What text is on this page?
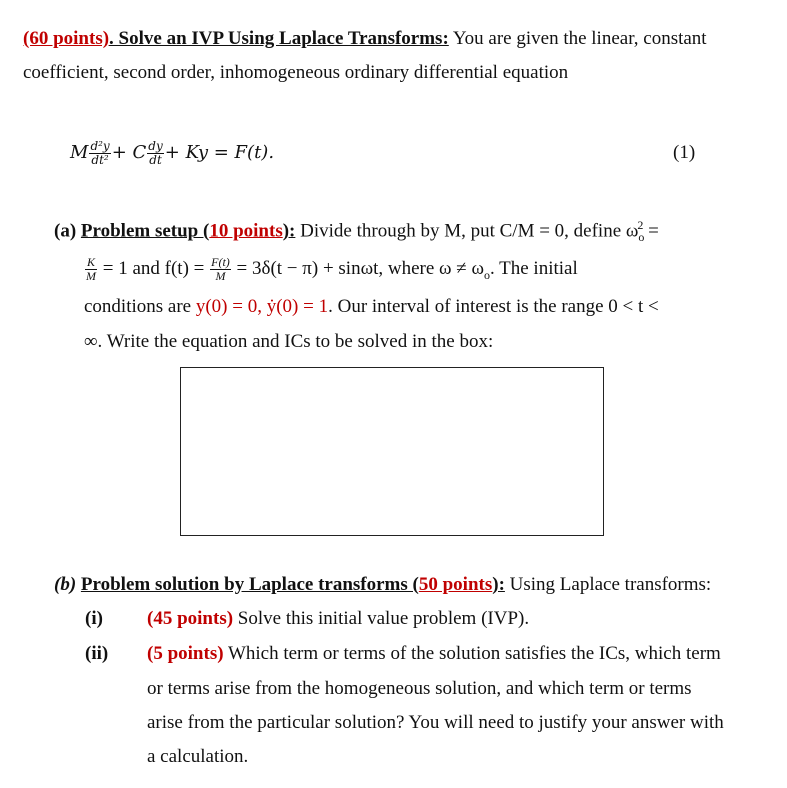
(60 points). Solve an IVP Using Laplace Transforms: You are given the linear, constant
coefficient, second order, inhomogeneous ordinary differential equation
M $\frac{\text{d²y}}{\text{dt²}} + C \frac{dy}{dt} + Ky = F(t)$.	(1)
(a) Problem setup (10 points): Divide through by M, put C/M = 0, define $\omega_o^2$ =
$\frac{K}{M} = 1$ and $f(t) = \frac{F(t)}{M} = 3\delta(t - \pi) + \sin\omega t$, where $\omega \ne \omega_o$. The initial
conditions are y(0) = 0, ẏ(0) = 1. Our interval of interest is the range 0 < t <
∞. Write the equation and ICs to be solved in the box:
(b) Problem solution by Laplace transforms (50 points): Using Laplace transforms:
(i) (45 points) Solve this initial value problem (IVP).
(ii) (5 points) Which term or terms of the solution satisfies the ICs, which term
or terms arise from the homogeneous solution, and which term or terms
arise from the particular solution? You will need to justify your answer with
a calculation.
